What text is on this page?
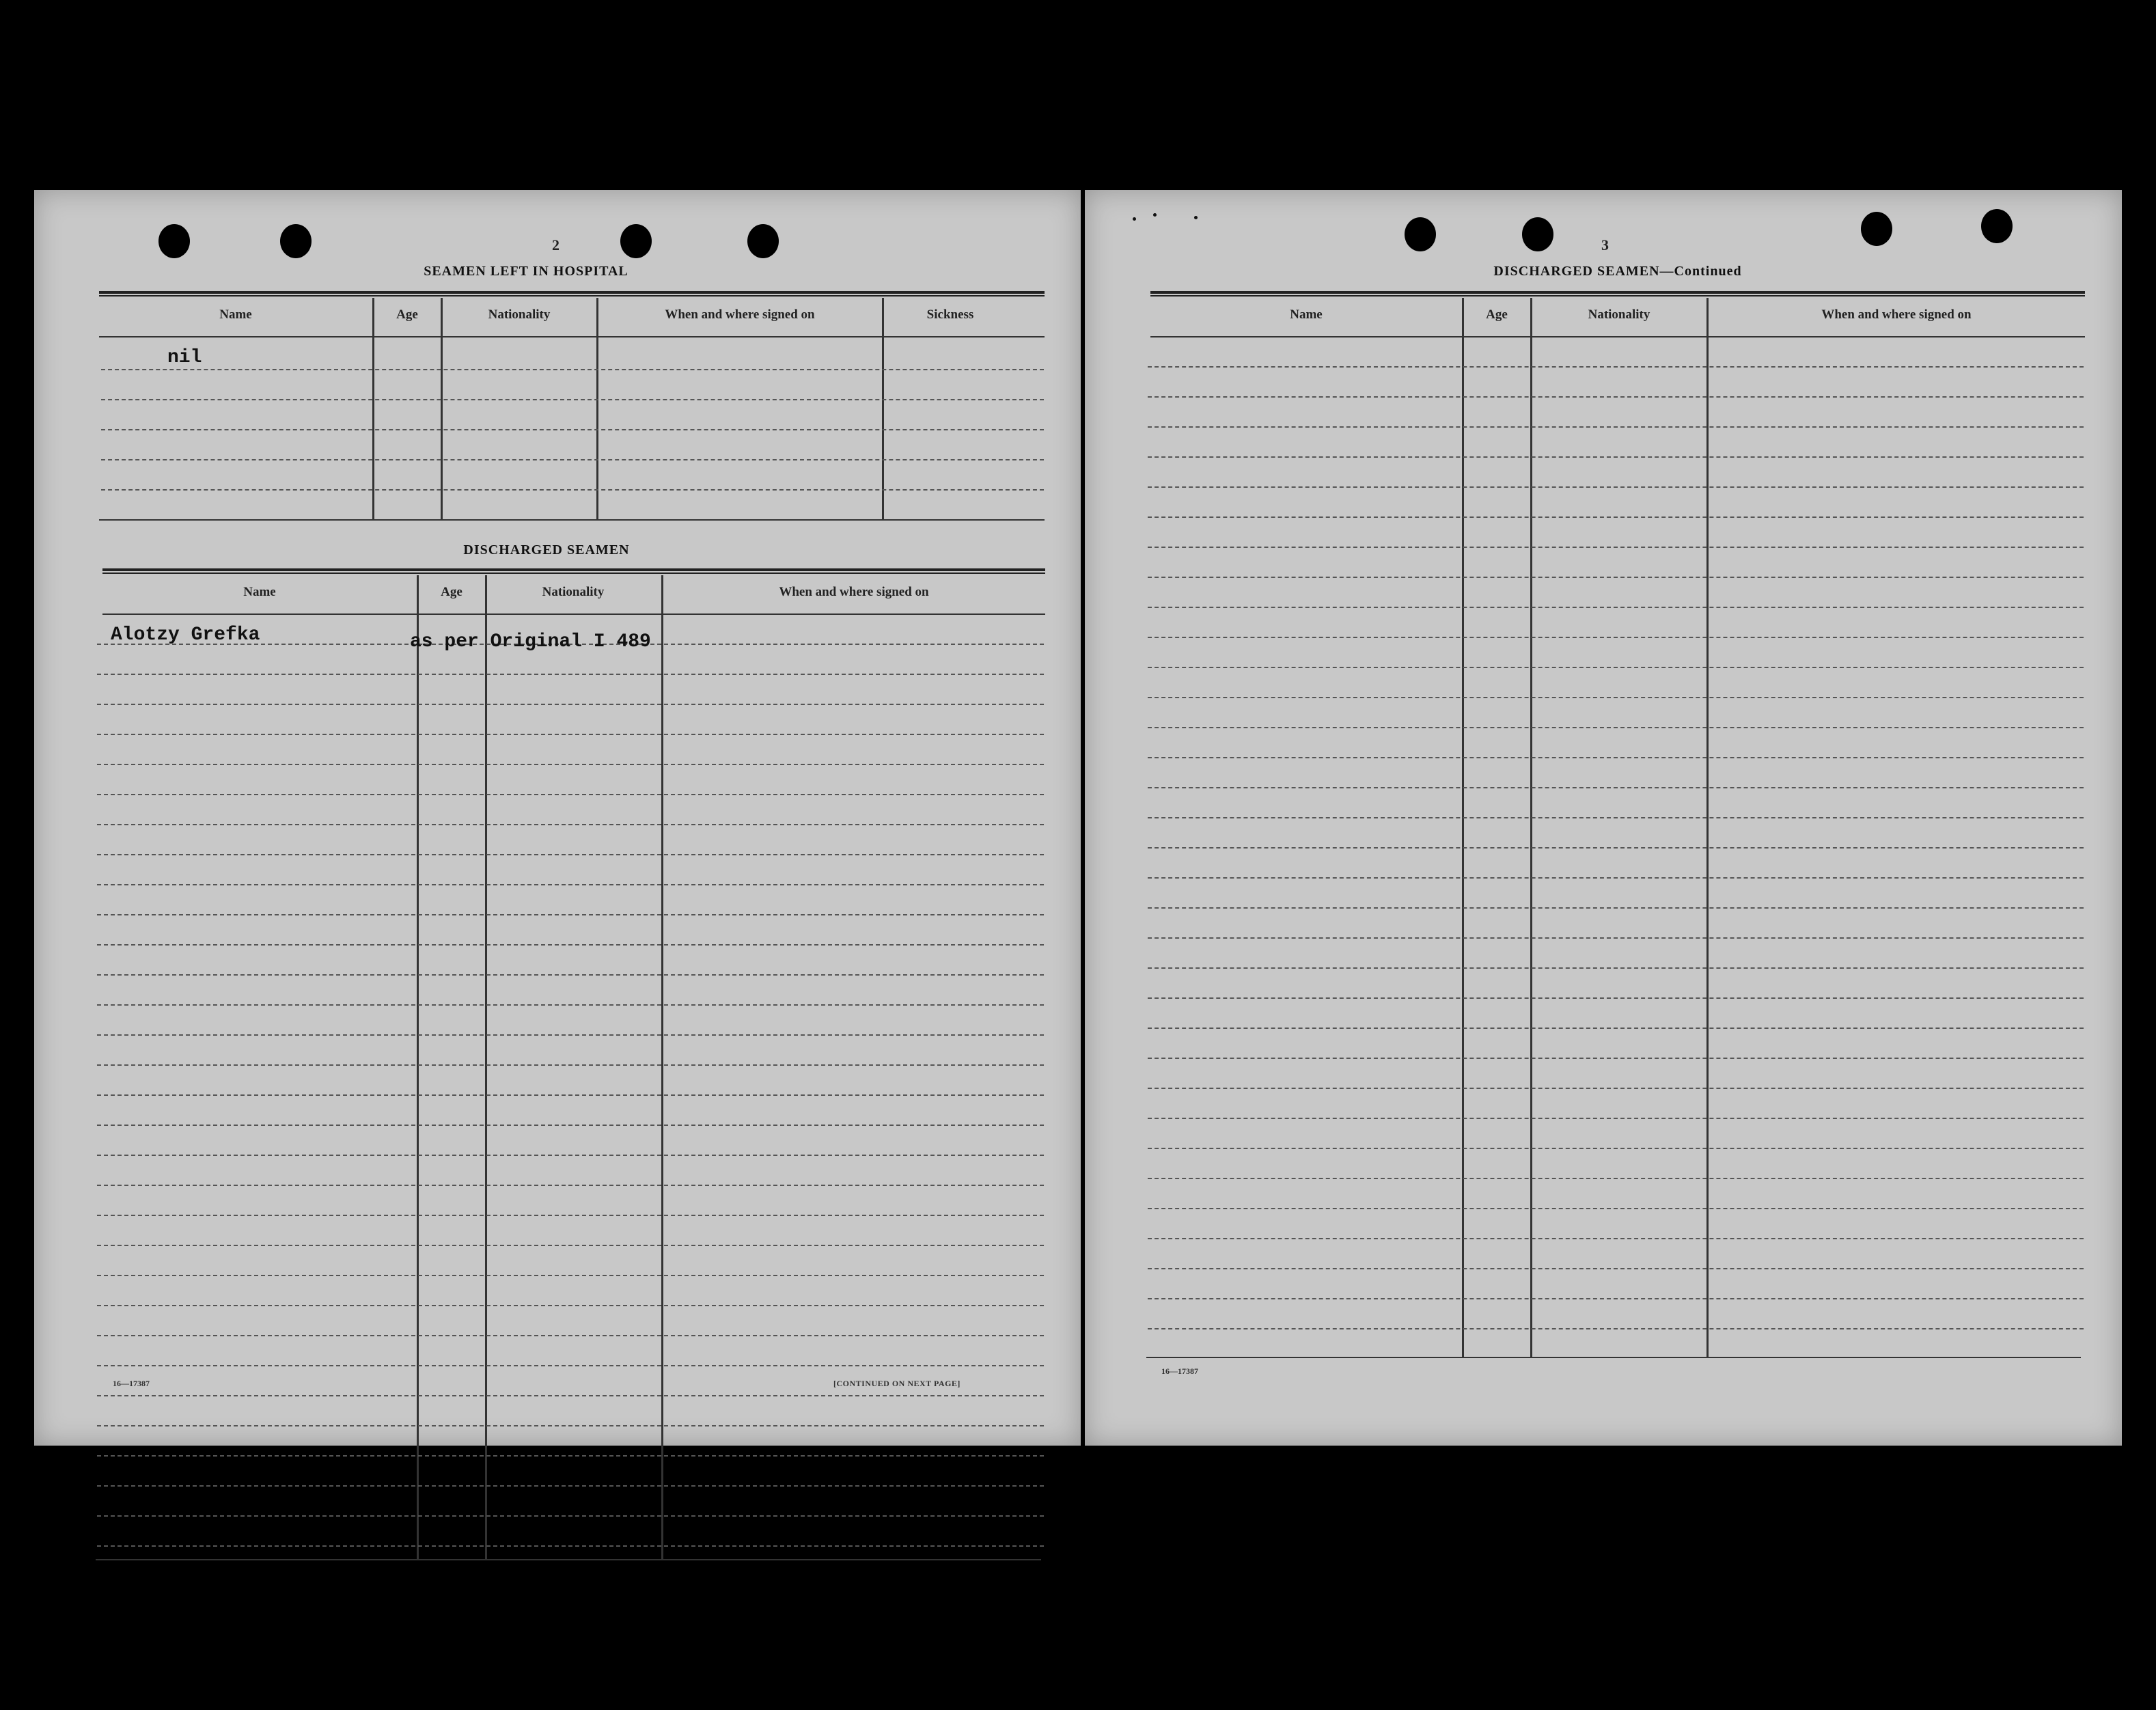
2
SEAMEN LEFT IN HOSPITAL
Name	Age	Nationality	When and where signed on	Sickness
nil
DISCHARGED SEAMEN
Name	Age	Nationality	When and where signed on
Alotzy Grefka	as per Original I 489
16—17387	[CONTINUED ON NEXT PAGE]
3
DISCHARGED SEAMEN—Continued
Name	Age	Nationality	When and where signed on
16—17387
